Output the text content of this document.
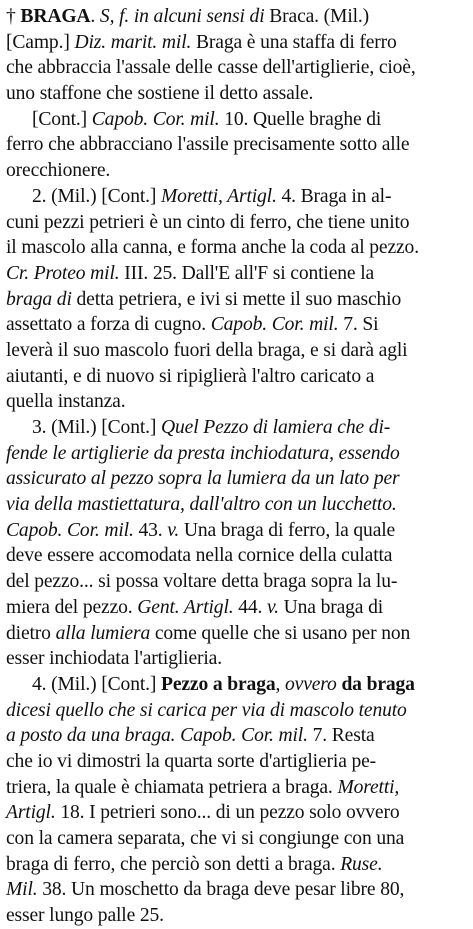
† BRAGA. S, f. in alcuni sensi di Braca. (Mil.)
[Camp.] Diz. marit. mil. Braga è una staffa di ferro
che abbraccia l'assale delle casse dell'artiglierie, cioè,
uno staffone che sostiene il detto assale.
[Cont.] Capob. Cor. mil. 10. Quelle braghe di
ferro che abbracciano l'assile precisamente sotto alle
orecchionere.
2. (Mil.) [Cont.] Moretti, Artigl. 4. Braga in al-
cuni pezzi petrieri è un cinto di ferro, che tiene unito
il mascolo alla canna, e forma anche la coda al pezzo.
Cr. Proteo mil. III. 25. Dall'E all'F si contiene la
braga di detta petriera, e ivi si mette il suo maschio
assettato a forza di cugno. Capob. Cor. mil. 7. Si
leverà il suo mascolo fuori della braga, e si darà agli
aiutanti, e di nuovo si ripiglierà l'altro caricato a
quella instanza.
3. (Mil.) [Cont.] Quel Pezzo di lamiera che di-
fende le artiglierie da presta inchiodatura, essendo
assicurato al pezzo sopra la lumiera da un lato per
via della mastiettatura, dall'altro con un lucchetto.
Capob. Cor. mil. 43. v. Una braga di ferro, la quale
deve essere accomodata nella cornice della culatta
del pezzo... si possa voltare detta braga sopra la lu-
miera del pezzo. Gent. Artigl. 44. v. Una braga di
dietro alla lumiera come quelle che si usano per non
esser inchiodata l'artiglieria.
4. (Mil.) [Cont.] Pezzo a braga, ovvero da braga
dicesi quello che si carica per via di mascolo tenuto
a posto da una braga. Capob. Cor. mil. 7. Resta
che io vi dimostri la quarta sorte d'artiglieria pe-
triera, la quale è chiamata petriera a braga. Moretti,
Artigl. 18. I petrieri sono... di un pezzo solo ovvero
con la camera separata, che vi si congiunge con una
braga di ferro, che perciò son detti a braga. Ruse.
Mil. 38. Un moschetto da braga deve pesar libre 80,
esser lungo palle 25.
